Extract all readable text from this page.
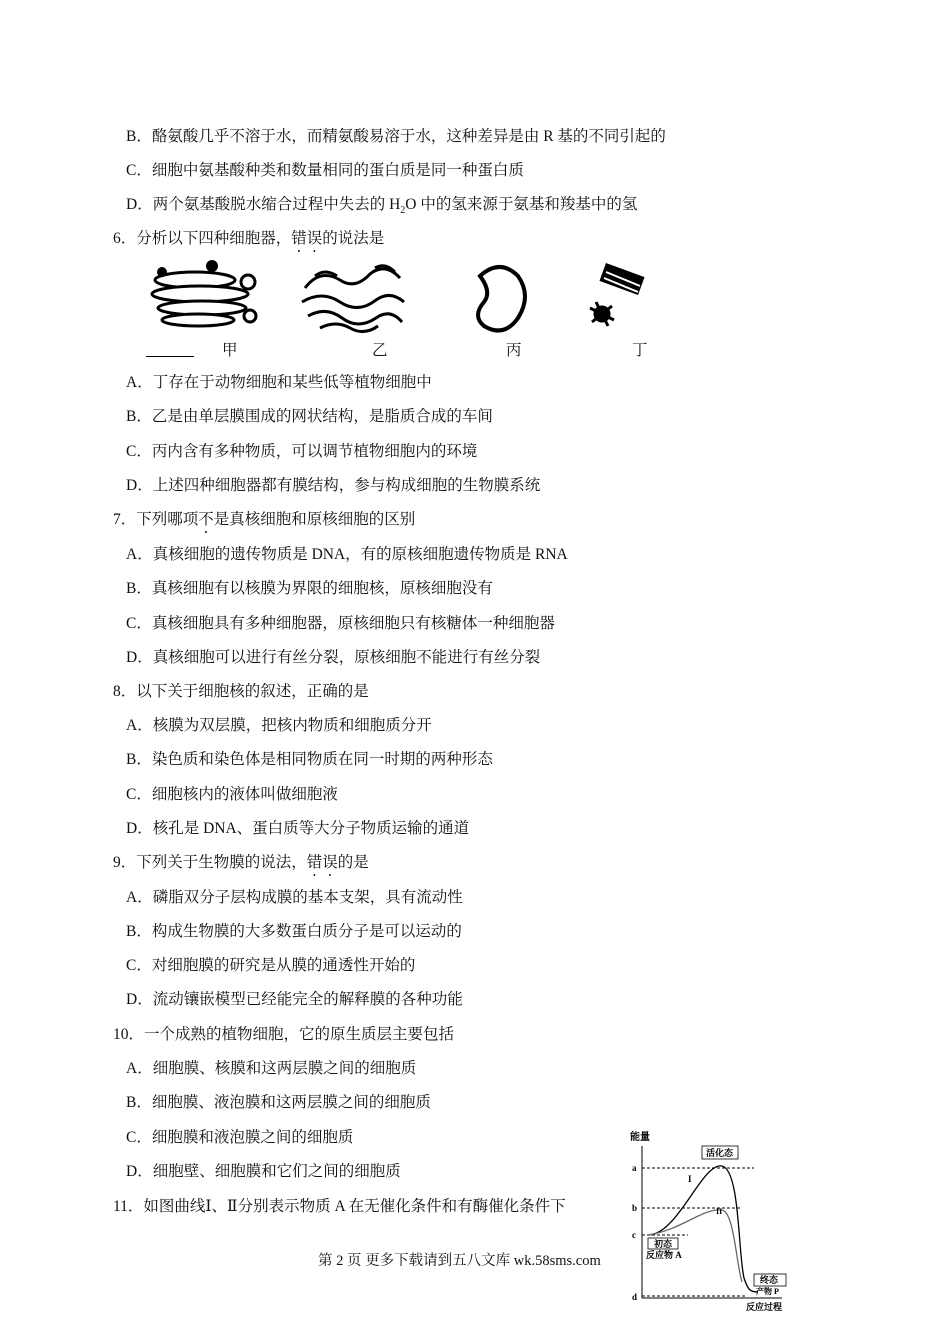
B．酪氨酸几乎不溶于水，而精氨酸易溶于水，这种差异是由 R 基的不同引起的
C．细胞中氨基酸种类和数量相同的蛋白质是同一种蛋白质
D．两个氨基酸脱水缩合过程中失去的 $H_2O$ 中的氢来源于氨基和羧基中的氢
6．分析以下四种细胞器，错误的说法是
甲	乙	丙	丁
A．丁存在于动物细胞和某些低等植物细胞中
B．乙是由单层膜围成的网状结构，是脂质合成的车间
C．丙内含有多种物质，可以调节植物细胞内的环境
D．上述四种细胞器都有膜结构，参与构成细胞的生物膜系统
7．下列哪项不是真核细胞和原核细胞的区别
A．真核细胞的遗传物质是 DNA，有的原核细胞遗传物质是 RNA
B．真核细胞有以核膜为界限的细胞核，原核细胞没有
C．真核细胞具有多种细胞器，原核细胞只有核糖体一种细胞器
D．真核细胞可以进行有丝分裂，原核细胞不能进行有丝分裂
8．以下关于细胞核的叙述，正确的是
A．核膜为双层膜，把核内物质和细胞质分开
B．染色质和染色体是相同物质在同一时期的两种形态
C．细胞核内的液体叫做细胞液
D．核孔是 DNA、蛋白质等大分子物质运输的通道
9．下列关于生物膜的说法，错误的是
A．磷脂双分子层构成膜的基本支架，具有流动性
B．构成生物膜的大多数蛋白质分子是可以运动的
C．对细胞膜的研究是从膜的通透性开始的
D．流动镶嵌模型已经能完全的解释膜的各种功能
10．一个成熟的植物细胞，它的原生质层主要包括
A．细胞膜、核膜和这两层膜之间的细胞质
B．细胞膜、液泡膜和这两层膜之间的细胞质
C．细胞膜和液泡膜之间的细胞质
D．细胞壁、细胞膜和它们之间的细胞质
11．如图曲线Ⅰ、Ⅱ分别表示物质 A 在无催化条件和有酶催化条件下
能量
a
b
c
d
I
II
活化态
初态
反应物 A
终态
产物 P
反应过程
第 2 页 更多下载请到五八文库 wk.58sms.com
